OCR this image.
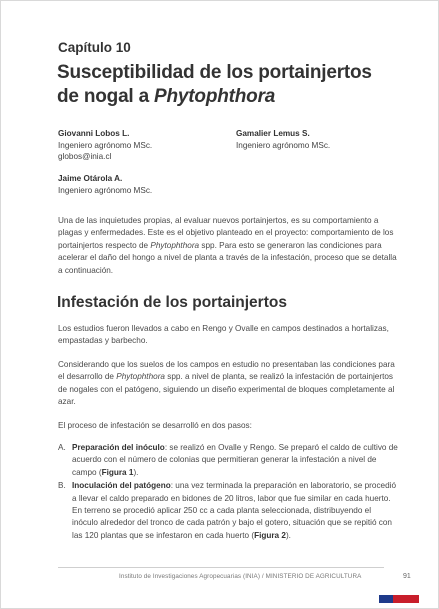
Capítulo 10
Susceptibilidad de los portainjertos de nogal a Phytophthora
Giovanni Lobos L.
Ingeniero agrónomo MSc.
globos@inia.cl
Gamalier Lemus S.
Ingeniero agrónomo MSc.
Jaime Otárola A.
Ingeniero agrónomo MSc.

Una de las inquietudes propias, al evaluar nuevos portainjertos, es su comportamiento a plagas y enfermedades. Este es el objetivo planteado en el proyecto: comportamiento de los portainjertos respecto de Phytophthora spp. Para esto se generaron las condiciones para acelerar el daño del hongo a nivel de planta a través de la infestación, proceso que se detalla a continuación.

Infestación de los portainjertos

Los estudios fueron llevados a cabo en Rengo y Ovalle en campos destinados a hortalizas, empastadas y barbecho.

Considerando que los suelos de los campos en estudio no presentaban las condiciones para el desarrollo de Phytophthora spp. a nivel de planta, se realizó la infestación de portainjertos de nogales con el patógeno, siguiendo un diseño experimental de bloques completamente al azar.

El proceso de infestación se desarrolló en dos pasos:

A. Preparación del inóculo: se realizó en Ovalle y Rengo. Se preparó el caldo de cultivo de acuerdo con el número de colonias que permitieran generar la infestación a nivel de campo (Figura 1).
B. Inoculación del patógeno: una vez terminada la preparación en laboratorio, se procedió a llevar el caldo preparado en bidones de 20 litros, labor que fue similar en cada huerto. En terreno se procedió aplicar 250 cc a cada planta seleccionada, distribuyendo el inóculo alrededor del tronco de cada patrón y bajo el gotero, situación que se repitió con las 120 plantas que se infestaron en cada huerto (Figura 2).
Instituto de Investigaciones Agropecuarias (INIA) / MINISTERIO DE AGRICULTURA	91
